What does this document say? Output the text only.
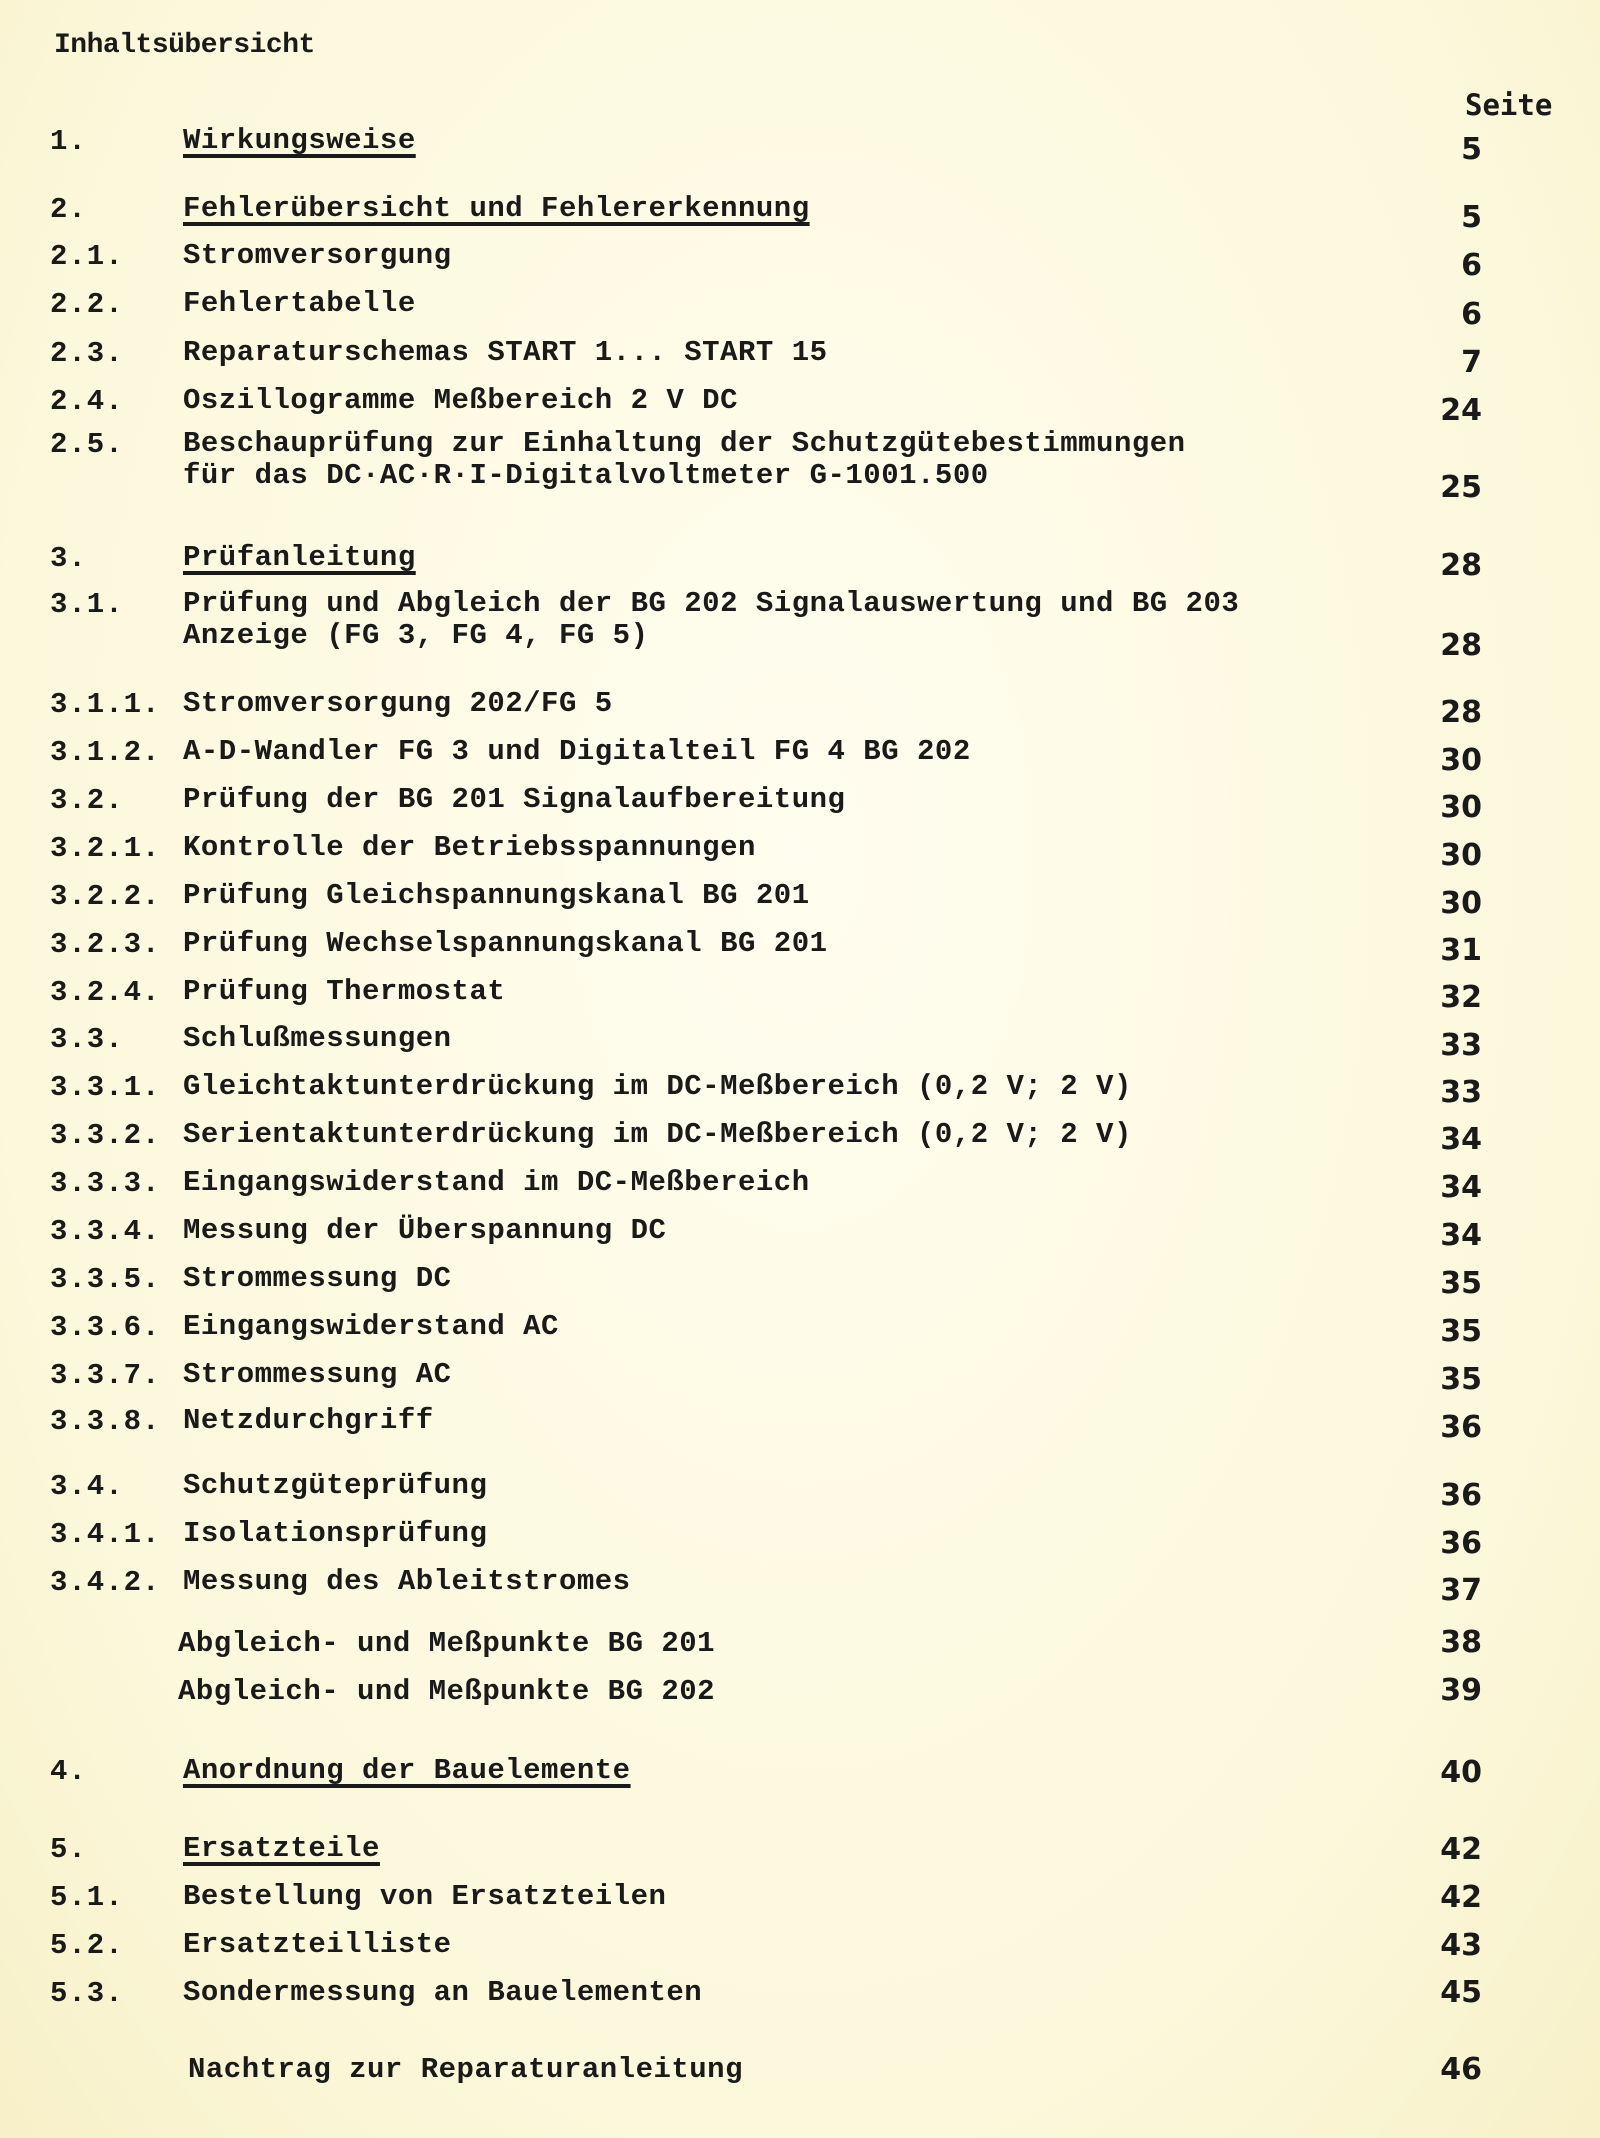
Inhaltsübersicht
Seite
1.	Wirkungsweise	5
2.	Fehlerübersicht und Fehlererkennung	5
2.1. Stromversorgung	6
2.2. Fehlertabelle	6
2.3. Reparaturschemas START 1... START 15	7
2.4. Oszillogramme Meßbereich 2 V DC	24
2.5. Beschauprüfung zur Einhaltung der Schutzgütebestimmungen
für das DC·AC·R·I-Digitalvoltmeter G-1001.500	25
3.	Prüfanleitung	28
3.1. Prüfung und Abgleich der BG 202 Signalauswertung und BG 203
Anzeige (FG 3, FG 4, FG 5)	28
3.1.1. Stromversorgung 202/FG 5	28
3.1.2. A-D-Wandler FG 3 und Digitalteil FG 4 BG 202	30
3.2. Prüfung der BG 201 Signalaufbereitung	30
3.2.1. Kontrolle der Betriebsspannungen	30
3.2.2. Prüfung Gleichspannungskanal BG 201	30
3.2.3. Prüfung Wechselspannungskanal BG 201	31
3.2.4. Prüfung Thermostat	32
3.3. Schlußmessungen	33
3.3.1. Gleichtaktunterdrückung im DC-Meßbereich (0,2 V; 2 V)	33
3.3.2. Serientaktunterdrückung im DC-Meßbereich (0,2 V; 2 V)	34
3.3.3. Eingangswiderstand im DC-Meßbereich	34
3.3.4. Messung der Überspannung DC	34
3.3.5. Strommessung DC	35
3.3.6. Eingangswiderstand AC	35
3.3.7. Strommessung AC	35
3.3.8. Netzdurchgriff	36
3.4. Schutzgüteprüfung	36
3.4.1. Isolationsprüfung	36
3.4.2. Messung des Ableitstromes	37
Abgleich- und Meßpunkte BG 201	38
Abgleich- und Meßpunkte BG 202	39
4.	Anordnung der Bauelemente	40
5.	Ersatzteile	42
5.1. Bestellung von Ersatzteilen	42
5.2. Ersatzteilliste	43
5.3. Sondermessung an Bauelementen	45
Nachtrag zur Reparaturanleitung	46
